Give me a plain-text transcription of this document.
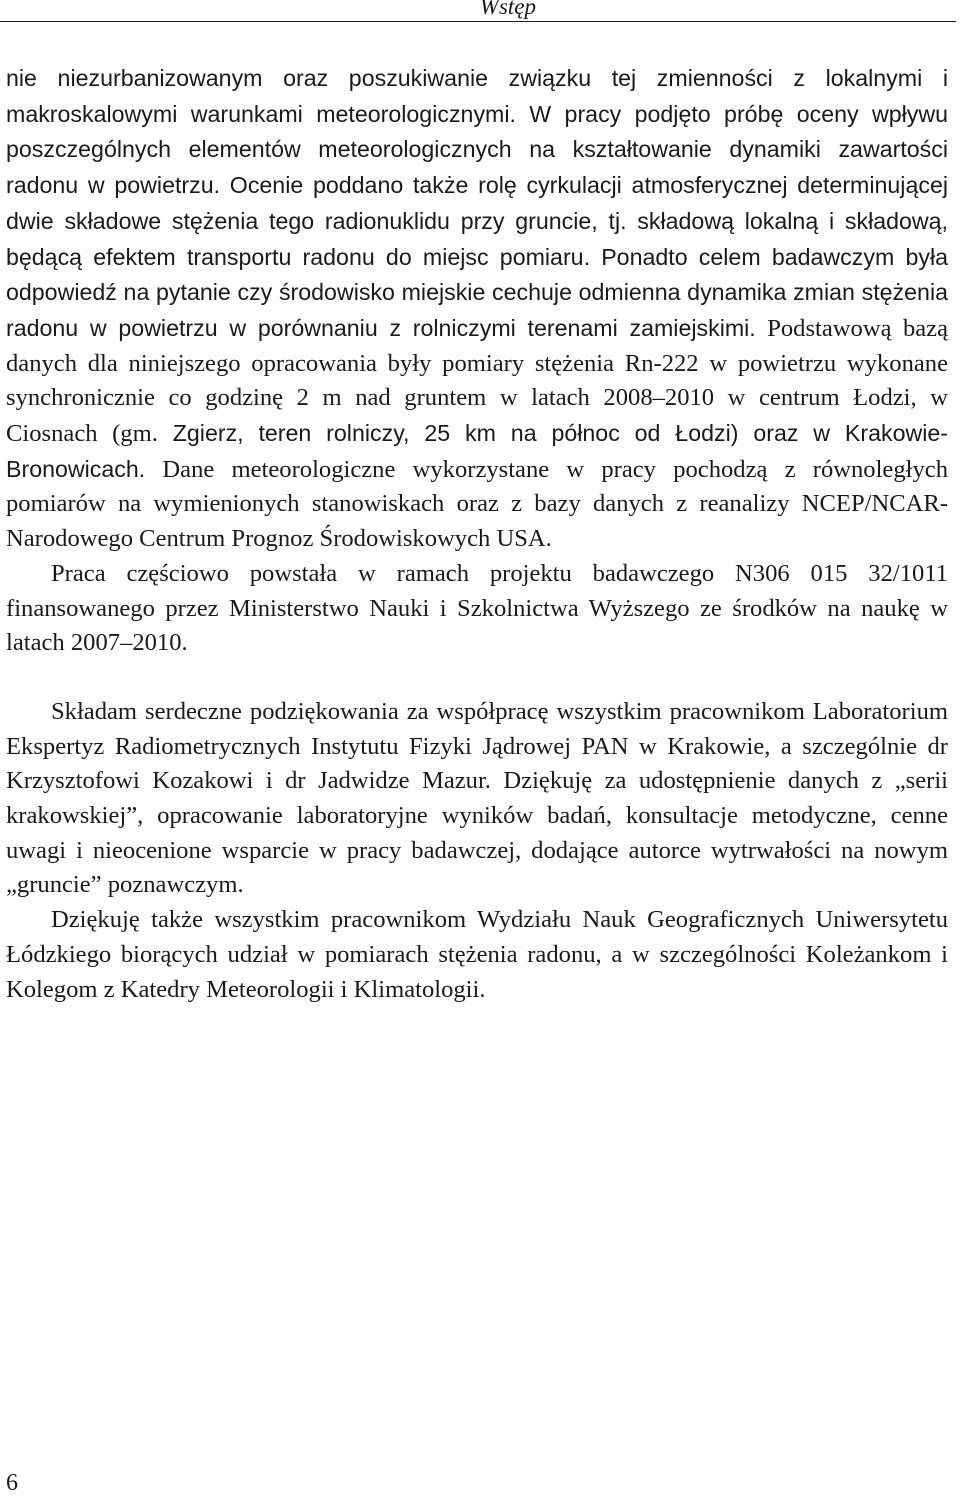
Wstęp

nie niezurbanizowanym oraz poszukiwanie związku tej zmienności z lokalnymi i makroskalowymi warunkami meteorologicznymi. W pracy podjęto próbę oceny wpływu poszczególnych elementów meteorologicznych na kształtowanie dynamiki zawartości radonu w powietrzu. Ocenie poddano także rolę cyrkulacji atmosferycznej determinującej dwie składowe stężenia tego radionuklidu przy gruncie, tj. składową lokalną i składową, będącą efektem transportu radonu do miejsc pomiaru. Ponadto celem badawczym była odpowiedź na pytanie czy środowisko miejskie cechuje odmienna dynamika zmian stężenia radonu w powietrzu w porównaniu z rolniczymi terenami zamiejskimi. Podstawową bazą danych dla niniejszego opracowania były pomiary stężenia Rn-222 w powietrzu wykonane synchronicznie co godzinę 2 m nad gruntem w latach 2008–2010 w centrum Łodzi, w Ciosnach (gm. Zgierz, teren rolniczy, 25 km na północ od Łodzi) oraz w Krakowie-Bronowicach. Dane meteorologiczne wykorzystane w pracy pochodzą z równoległych pomiarów na wymienionych stanowiskach oraz z bazy danych z reanalizy NCEP/NCAR-Narodowego Centrum Prognoz Środowiskowych USA.

Praca częściowo powstała w ramach projektu badawczego N306 015 32/1011 finansowanego przez Ministerstwo Nauki i Szkolnictwa Wyższego ze środków na naukę w latach 2007–2010.

Składam serdeczne podziękowania za współpracę wszystkim pracownikom Laboratorium Ekspertyz Radiometrycznych Instytutu Fizyki Jądrowej PAN w Krakowie, a szczególnie dr Krzysztofowi Kozakowi i dr Jadwidze Mazur. Dziękuję za udostępnienie danych z „serii krakowskiej”, opracowanie laboratoryjne wyników badań, konsultacje metodyczne, cenne uwagi i nieocenione wsparcie w pracy badawczej, dodające autorce wytrwałości na nowym „gruncie” poznawczym.

Dziękuję także wszystkim pracownikom Wydziału Nauk Geograficznych Uniwersytetu Łódzkiego biorących udział w pomiarach stężenia radonu, a w szczególności Koleżankom i Kolegom z Katedry Meteorologii i Klimatologii.

6
